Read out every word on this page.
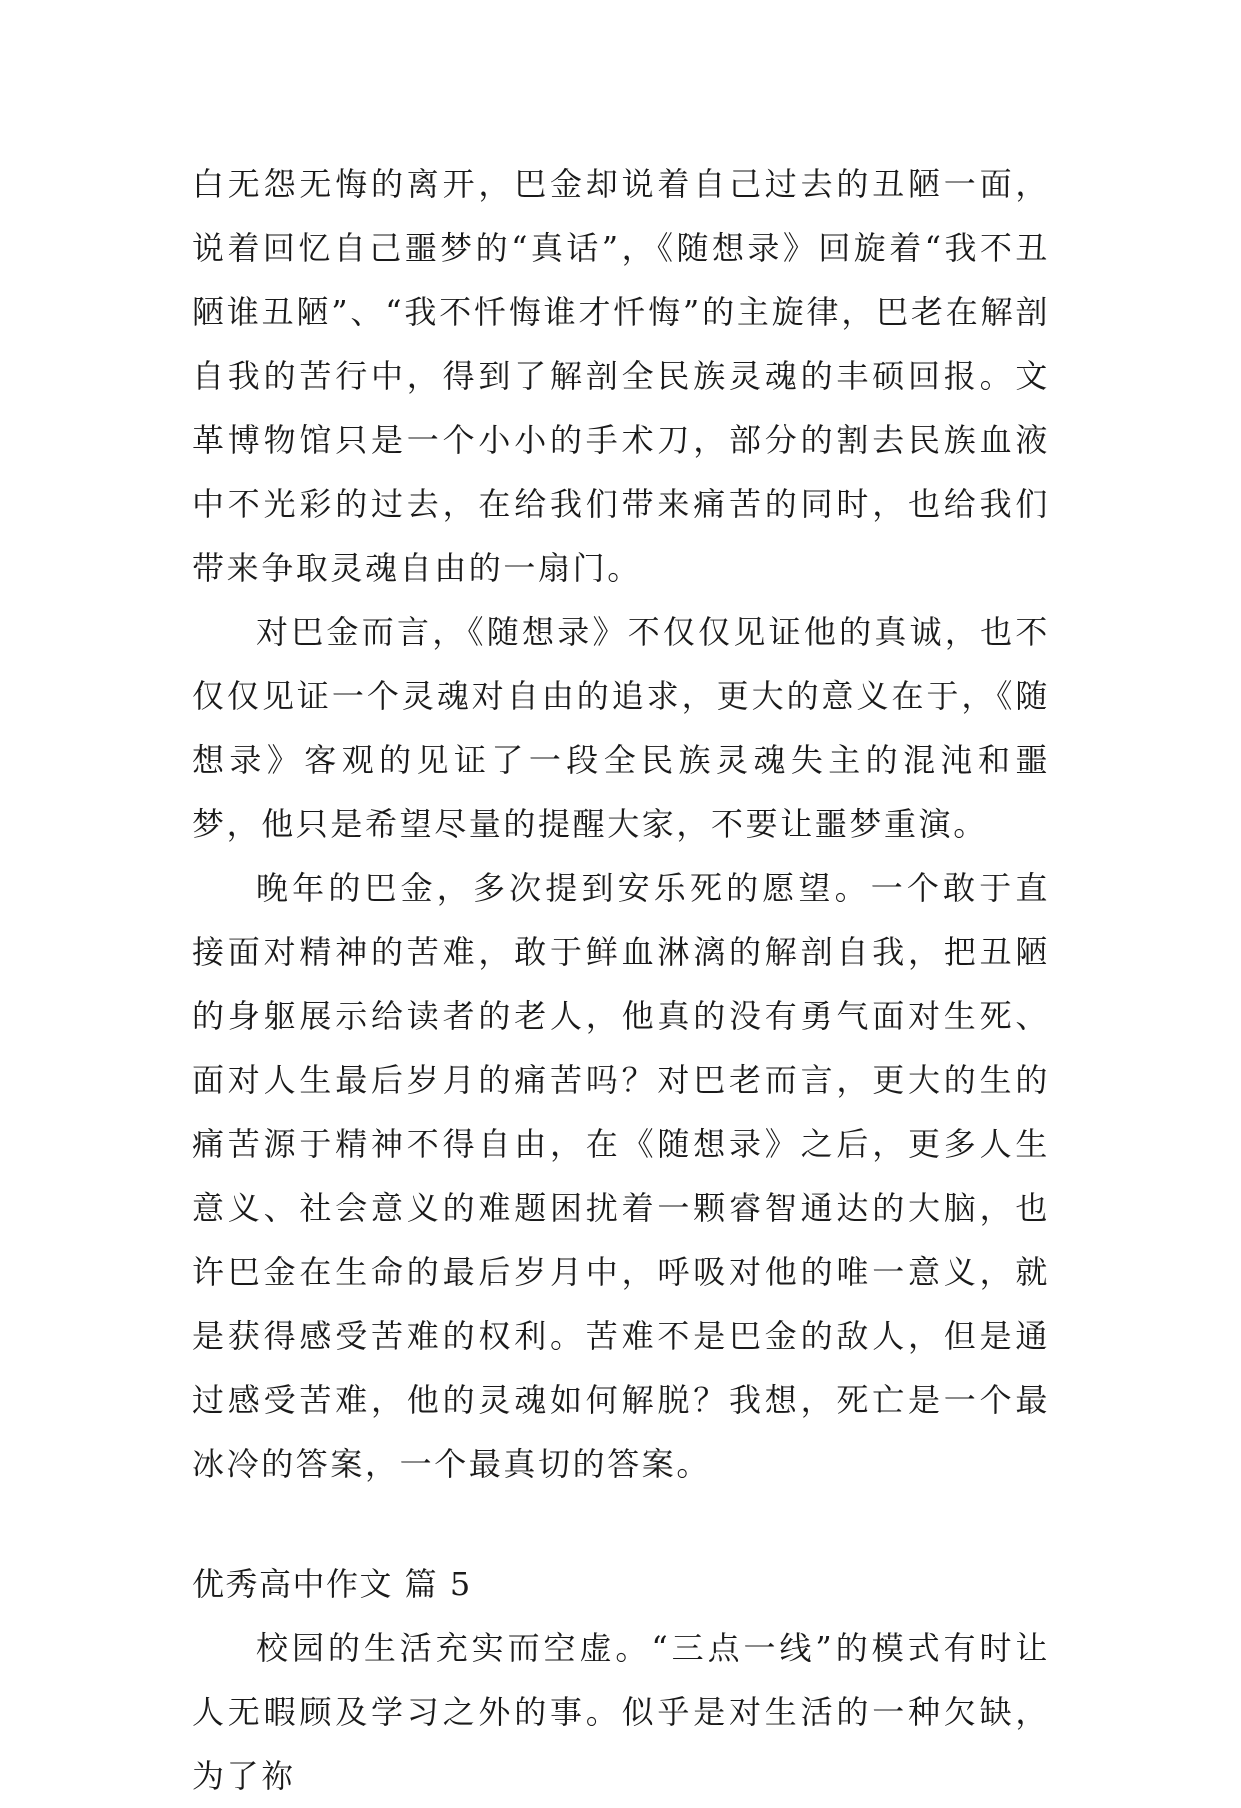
白无怨无悔的离开，巴金却说着自己过去的丑陋一面，说着回忆自己噩梦的“真话”，《随想录》回旋着“我不丑陋谁丑陋”、“我不忏悔谁才忏悔”的主旋律，巴老在解剖自我的苦行中，得到了解剖全民族灵魂的丰硕回报。文革博物馆只是一个小小的手术刀，部分的割去民族血液中不光彩的过去，在给我们带来痛苦的同时，也给我们带来争取灵魂自由的一扇门。

对巴金而言，《随想录》不仅仅见证他的真诚，也不仅仅见证一个灵魂对自由的追求，更大的意义在于，《随想录》客观的见证了一段全民族灵魂失主的混沌和噩梦，他只是希望尽量的提醒大家，不要让噩梦重演。

晚年的巴金，多次提到安乐死的愿望。一个敢于直接面对精神的苦难，敢于鲜血淋漓的解剖自我，把丑陋的身躯展示给读者的老人，他真的没有勇气面对生死、面对人生最后岁月的痛苦吗？对巴老而言，更大的生的痛苦源于精神不得自由，在《随想录》之后，更多人生意义、社会意义的难题困扰着一颗睿智通达的大脑，也许巴金在生命的最后岁月中，呼吸对他的唯一意义，就是获得感受苦难的权利。苦难不是巴金的敌人，但是通过感受苦难，他的灵魂如何解脱？我想，死亡是一个最冰冷的答案，一个最真切的答案。

优秀高中作文 篇 5

校园的生活充实而空虚。“三点一线”的模式有时让人无暇顾及学习之外的事。似乎是对生活的一种欠缺，为了祢
